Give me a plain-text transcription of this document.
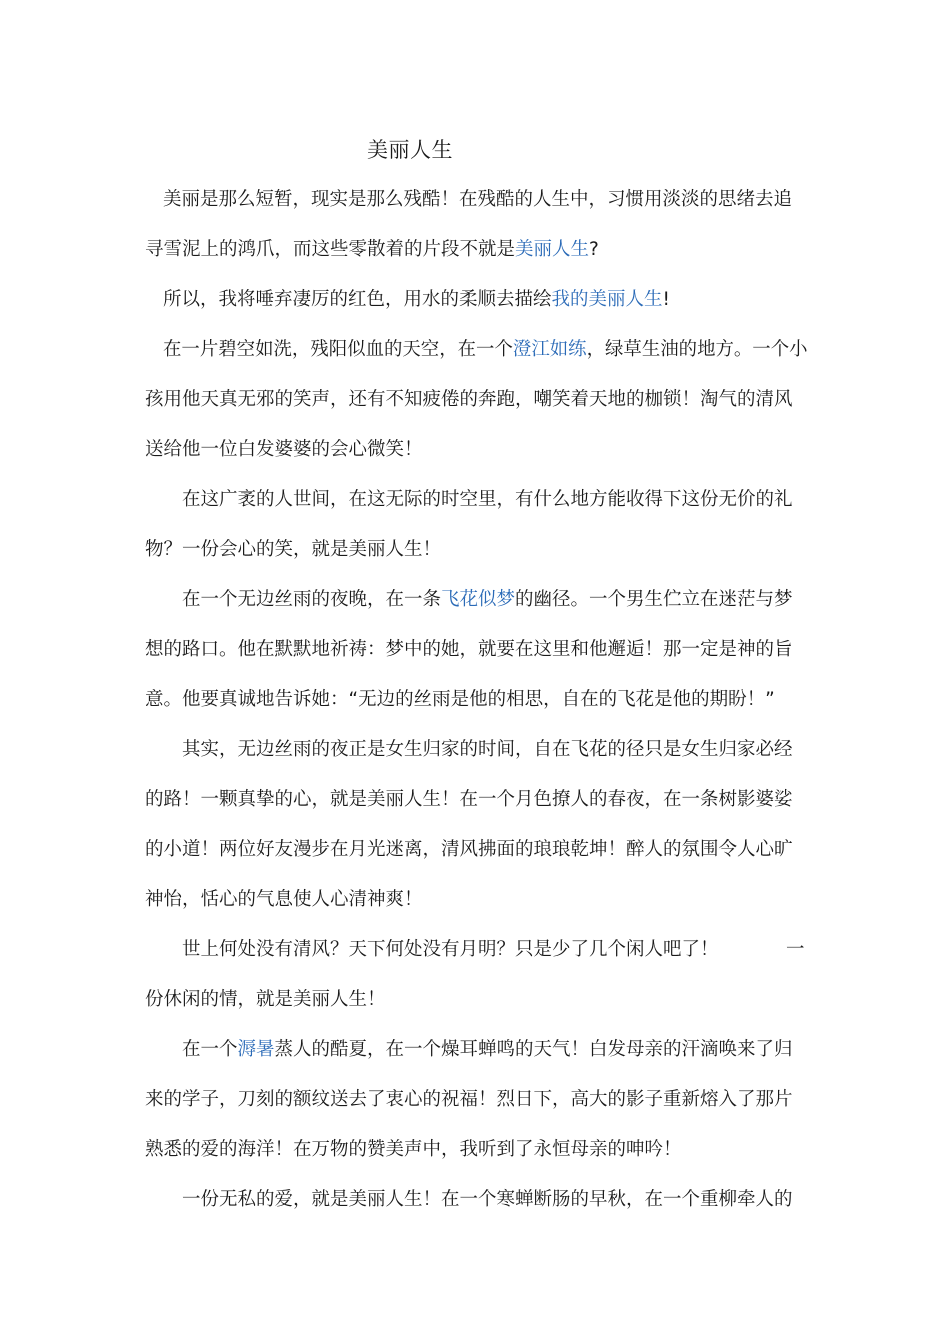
美丽人生
美丽是那么短暂，现实是那么残酷！在残酷的人生中，习惯用淡淡的思绪去追
寻雪泥上的鸿爪，而这些零散着的片段不就是美丽人生?
所以，我将唾弃凄厉的红色，用水的柔顺去描绘我的美丽人生!
在一片碧空如洗，残阳似血的天空，在一个澄江如练，绿草生油的地方。一个小
孩用他天真无邪的笑声，还有不知疲倦的奔跑，嘲笑着天地的枷锁！淘气的清风
送给他一位白发婆婆的会心微笑！
在这广袤的人世间，在这无际的时空里，有什么地方能收得下这份无价的礼
物？一份会心的笑，就是美丽人生！
在一个无边丝雨的夜晚，在一条飞花似梦的幽径。一个男生伫立在迷茫与梦
想的路口。他在默默地祈祷：梦中的她，就要在这里和他邂逅！那一定是神的旨
意。他要真诚地告诉她：“无边的丝雨是他的相思，自在的飞花是他的期盼！”
其实，无边丝雨的夜正是女生归家的时间，自在飞花的径只是女生归家必经
的路！一颗真挚的心，就是美丽人生！在一个月色撩人的春夜，在一条树影婆娑
的小道！两位好友漫步在月光迷离，清风拂面的琅琅乾坤！醉人的氛围令人心旷
神怡，恬心的气息使人心清神爽！
世上何处没有清风？天下何处没有月明？只是少了几个闲人吧了！	一
份休闲的情，就是美丽人生！
在一个溽暑蒸人的酷夏，在一个燥耳蝉鸣的天气！白发母亲的汗滴唤来了归
来的学子，刀刻的额纹送去了衷心的祝福！烈日下，高大的影子重新熔入了那片
熟悉的爱的海洋！在万物的赞美声中，我听到了永恒母亲的呻吟！
一份无私的爱，就是美丽人生！在一个寒蝉断肠的早秋，在一个重柳牵人的
